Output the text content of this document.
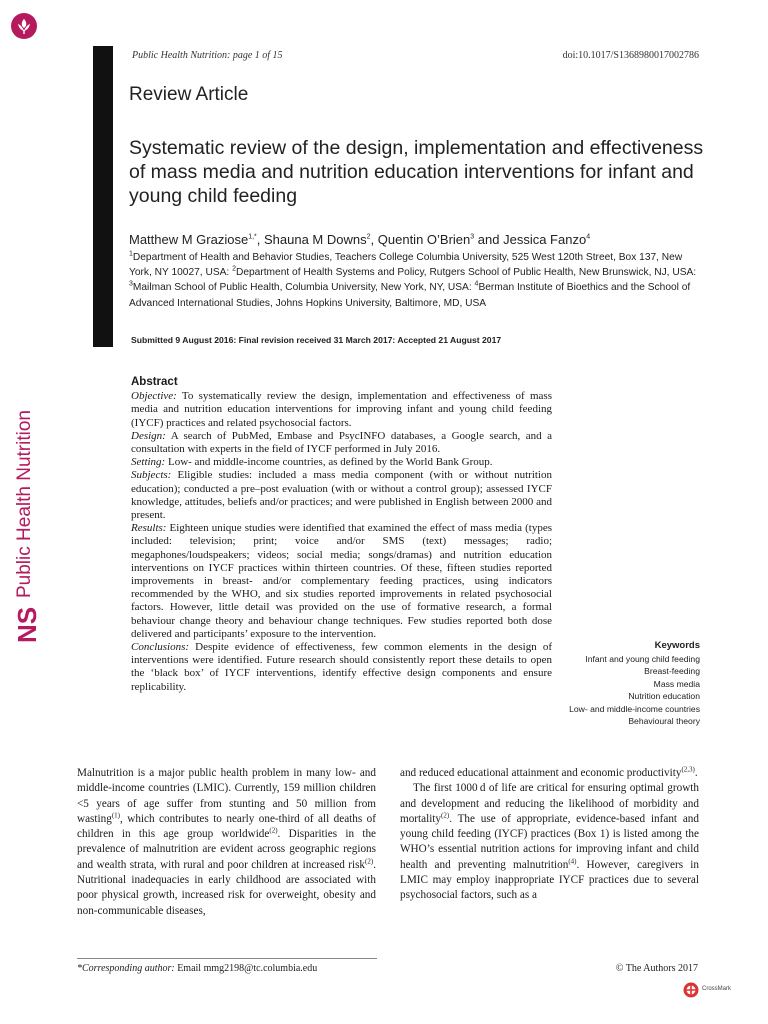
Public Health Nutrition
NS
Public Health Nutrition: page 1 of 15	doi:10.1017/S1368980017002786
Review Article
Systematic review of the design, implementation and effectiveness of mass media and nutrition education interventions for infant and young child feeding
Matthew M Graziose$^{1,*}$, Shauna M Downs$^2$, Quentin O’Brien$^3$ and Jessica Fanzo$^4$
$^1$Department of Health and Behavior Studies, Teachers College Columbia University, 525 West 120th Street, Box 137, New York, NY 10027, USA: $^2$Department of Health Systems and Policy, Rutgers School of Public Health, New Brunswick, NJ, USA: $^3$Mailman School of Public Health, Columbia University, New York, NY, USA: $^4$Berman Institute of Bioethics and the School of Advanced International Studies, Johns Hopkins University, Baltimore, MD, USA
Submitted 9 August 2016: Final revision received 31 March 2017: Accepted 21 August 2017
Abstract

Objective: To systematically review the design, implementation and effectiveness of mass media and nutrition education interventions for improving infant and young child feeding (IYCF) practices and related psychosocial factors.

Design: A search of PubMed, Embase and PsycINFO databases, a Google search, and a consultation with experts in the field of IYCF performed in July 2016.

Setting: Low- and middle-income countries, as defined by the World Bank Group.

Subjects: Eligible studies: included a mass media component (with or without nutrition education); conducted a pre–post evaluation (with or without a control group); assessed IYCF knowledge, attitudes, beliefs and/or practices; and were published in English between 2000 and present.

Results: Eighteen unique studies were identified that examined the effect of mass media (types included: television; print; voice and/or SMS (text) messages; radio; megaphones/loudspeakers; videos; social media; songs/dramas) and nutrition education interventions on IYCF practices within thirteen countries. Of these, fifteen studies reported improvements in breast- and/or complementary feeding practices, using indicators recommended by the WHO, and six studies reported improvements in related psychosocial factors. However, little detail was provided on the use of formative research, a formal behaviour change theory and behaviour change techniques. Few studies reported both dose delivered and participants’ exposure to the intervention.

Conclusions: Despite evidence of effectiveness, few common elements in the design of interventions were identified. Future research should consistently report these details to open the ‘black box’ of IYCF interventions, identify effective design components and ensure replicability.

Keywords
Infant and young child feeding
Breast-feeding
Mass media
Nutrition education
Low- and middle-income countries
Behavioural theory

Malnutrition is a major public health problem in many low- and middle-income countries (LMIC). Currently, 159 million children <5 years of age suffer from stunting and 50 million from wasting$^{(1)}$, which contributes to nearly one-third of all deaths of children in this age group worldwide$^{(2)}$. Disparities in the prevalence of malnutrition are evident across geographic regions and wealth strata, with rural and poor children at increased risk$^{(2)}$. Nutritional inadequacies in early childhood are associated with poor physical growth, increased risk for overweight, obesity and non-communicable diseases,

and reduced educational attainment and economic productivity$^{(2,3)}$.

The first 1000 d of life are critical for ensuring optimal growth and development and reducing the likelihood of morbidity and mortality$^{(2)}$. The use of appropriate, evidence-based infant and young child feeding (IYCF) practices (Box 1) is listed among the WHO’s essential nutrition actions for improving infant and child health and preventing malnutrition$^{(4)}$. However, caregivers in LMIC may employ inappropriate IYCF practices due to several psychosocial factors, such as a

*Corresponding author: Email mmg2198@tc.columbia.edu	© The Authors 2017
CrossMark
